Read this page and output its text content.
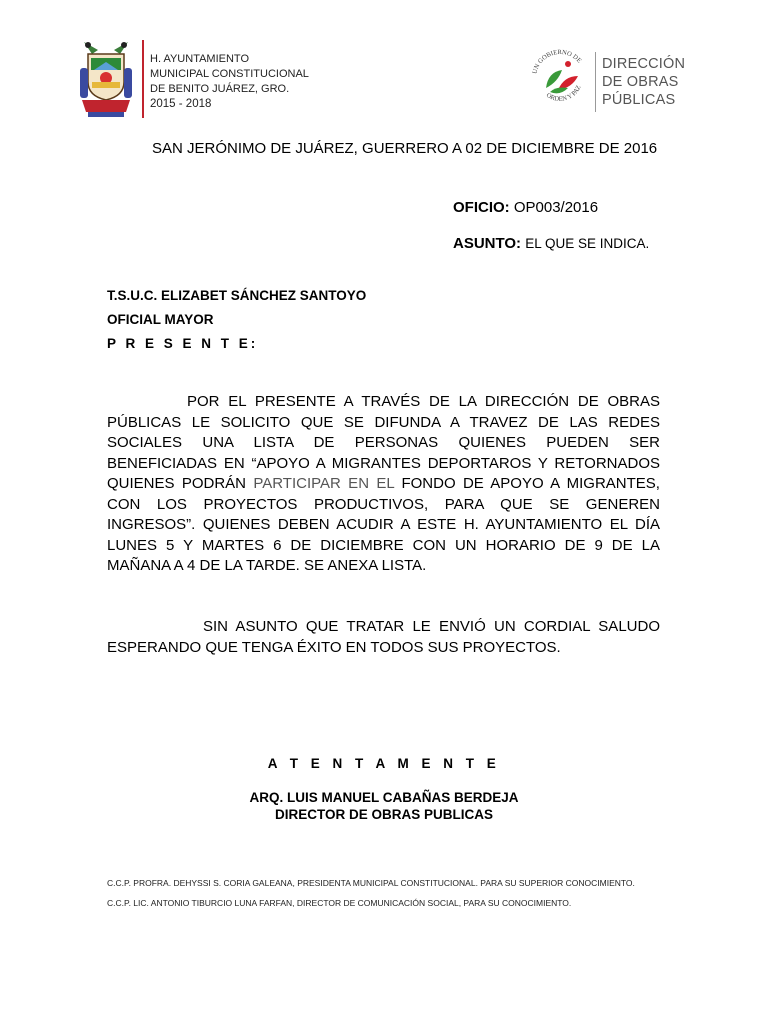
H. AYUNTAMIENTO
MUNICIPAL CONSTITUCIONAL
DE BENITO JUÁREZ, GRO.
2015 - 2018
UN GOBIERNO DE
ORDEN Y PAZ
DIRECCIÓN
DE OBRAS
PÚBLICAS
SAN JERÓNIMO DE JUÁREZ, GUERRERO A 02 DE DICIEMBRE DE 2016
OFICIO: OP003/2016
ASUNTO: EL QUE SE INDICA.
T.S.U.C. ELIZABET SÁNCHEZ SANTOYO
OFICIAL MAYOR
P R E S E N T E:
POR EL PRESENTE A TRAVÉS DE LA DIRECCIÓN DE OBRAS PÚBLICAS LE SOLICITO QUE SE DIFUNDA A TRAVEZ DE LAS REDES SOCIALES UNA LISTA DE PERSONAS QUIENES PUEDEN SER BENEFICIADAS EN “APOYO A MIGRANTES DEPORTAROS Y RETORNADOS QUIENES PODRÁN PARTICIPAR EN EL FONDO DE APOYO A MIGRANTES, CON LOS PROYECTOS PRODUCTIVOS, PARA QUE SE GENEREN INGRESOS”. QUIENES DEBEN ACUDIR A ESTE H. AYUNTAMIENTO EL DÍA LUNES 5 Y MARTES 6 DE DICIEMBRE CON UN HORARIO DE 9 DE LA MAÑANA A 4 DE LA TARDE. SE ANEXA LISTA.
SIN ASUNTO QUE TRATAR LE ENVIÓ UN CORDIAL SALUDO ESPERANDO QUE TENGA ÉXITO EN TODOS SUS PROYECTOS.
A T E N T A M E N T E
ARQ. LUIS MANUEL CABAÑAS BERDEJA
DIRECTOR DE OBRAS PUBLICAS
C.C.P. PROFRA. DEHYSSI S. CORIA GALEANA, PRESIDENTA MUNICIPAL CONSTITUCIONAL. PARA SU SUPERIOR CONOCIMIENTO.
C.C.P. LIC. ANTONIO TIBURCIO LUNA FARFAN, DIRECTOR DE COMUNICACIÓN SOCIAL, PARA SU CONOCIMIENTO.
